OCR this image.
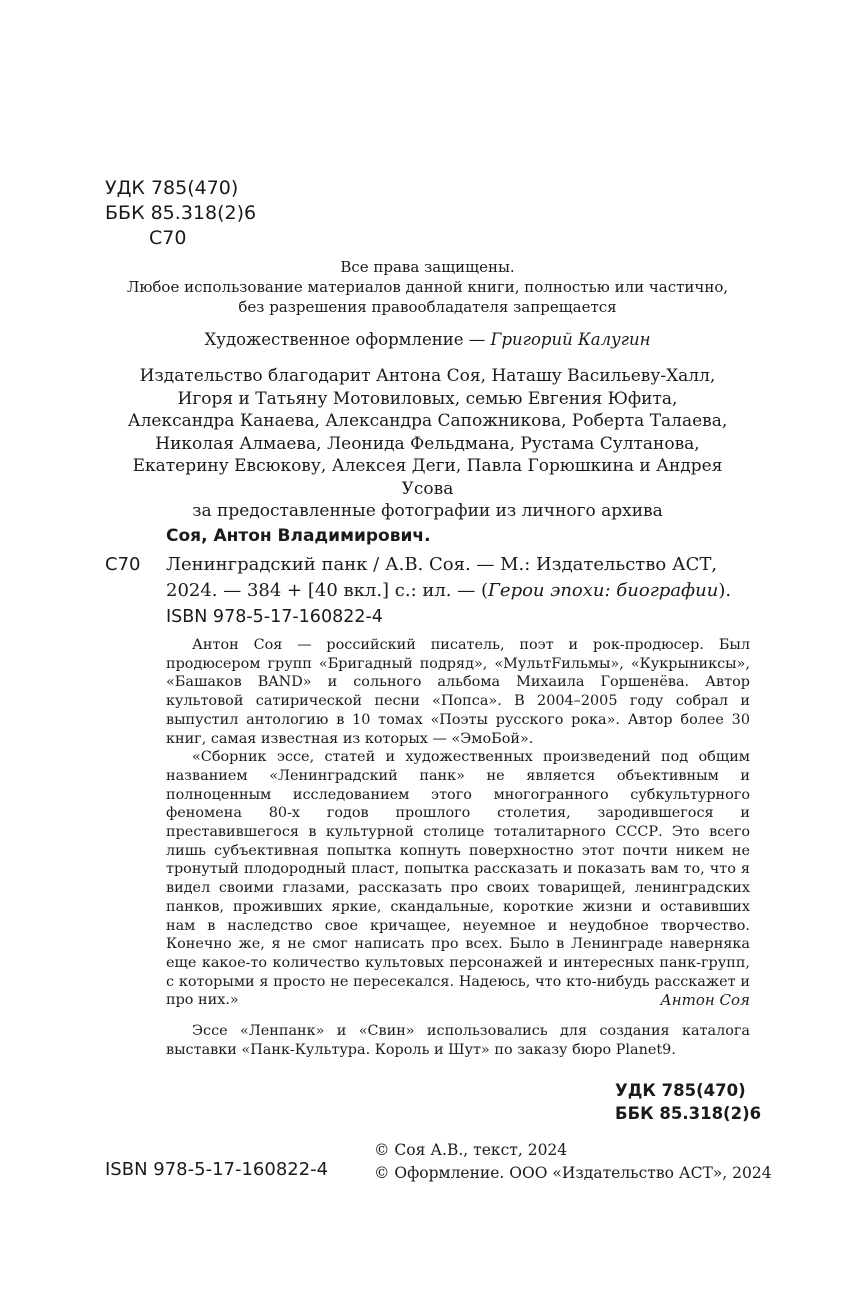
УДК 785(470)
ББК 85.318(2)6
С70
Все права защищены.
Любое использование материалов данной книги, полностью или частично,
без разрешения правообладателя запрещается
Художественное оформление — Григорий Калугин
Издательство благодарит Антона Соя, Наташу Васильеву-Халл,
Игоря и Татьяну Мотовиловых, семью Евгения Юфита,
Александра Канаева, Александра Сапожникова, Роберта Талаева,
Николая Алмаева, Леонида Фельдмана, Рустама Султанова,
Екатерину Евсюкову, Алексея Деги, Павла Горюшкина и Андрея Усова
за предоставленные фотографии из личного архива
Соя, Антон Владимирович.
С70 Ленинградский панк / А.В. Соя. — М.: Издательство АСТ,
2024. — 384 + [40 вкл.] с.: ил. — (Герои эпохи: биографии).
ISBN 978-5-17-160822-4

Антон Соя — российский писатель, поэт и рок-продюсер. Был продюсером групп «Бригадный подряд», «МультFильмы», «Кукрыниксы», «Башаков BAND» и сольного альбома Михаила Горшенёва. Автор культовой сатирической песни «Попса». В 2004–2005 году собрал и выпустил антологию в 10 томах «Поэты русского рока». Автор более 30 книг, самая известная из которых — «ЭмоБой».

«Сборник эссе, статей и художественных произведений под общим названием «Ленинградский панк» не является объективным и полноценным исследованием этого многогранного субкультурного феномена 80-х годов прошлого столетия, зародившегося и преставившегося в культурной столице тоталитарного СССР. Это всего лишь субъективная попытка копнуть поверхностно этот почти никем не тронутый плодородный пласт, попытка рассказать и показать вам то, что я видел своими глазами, рассказать про своих товарищей, ленинградских панков, проживших яркие, скандальные, короткие жизни и оставивших нам в наследство свое кричащее, неуемное и неудобное творчество. Конечно же, я не смог написать про всех. Было в Ленинграде наверняка еще какое-то количество культовых персонажей и интересных панк-групп, с которыми я просто не пересекался. Надеюсь, что кто-нибудь расскажет и про них.»	Антон Соя

Эссе «Ленпанк» и «Свин» использовались для создания каталога выставки «Панк-Культура. Король и Шут» по заказу бюро Planet9.

УДК 785(470)
ББК 85.318(2)6
ISBN 978-5-17-160822-4
© Соя А.В., текст, 2024
© Оформление. ООО «Издательство АСТ», 2024
